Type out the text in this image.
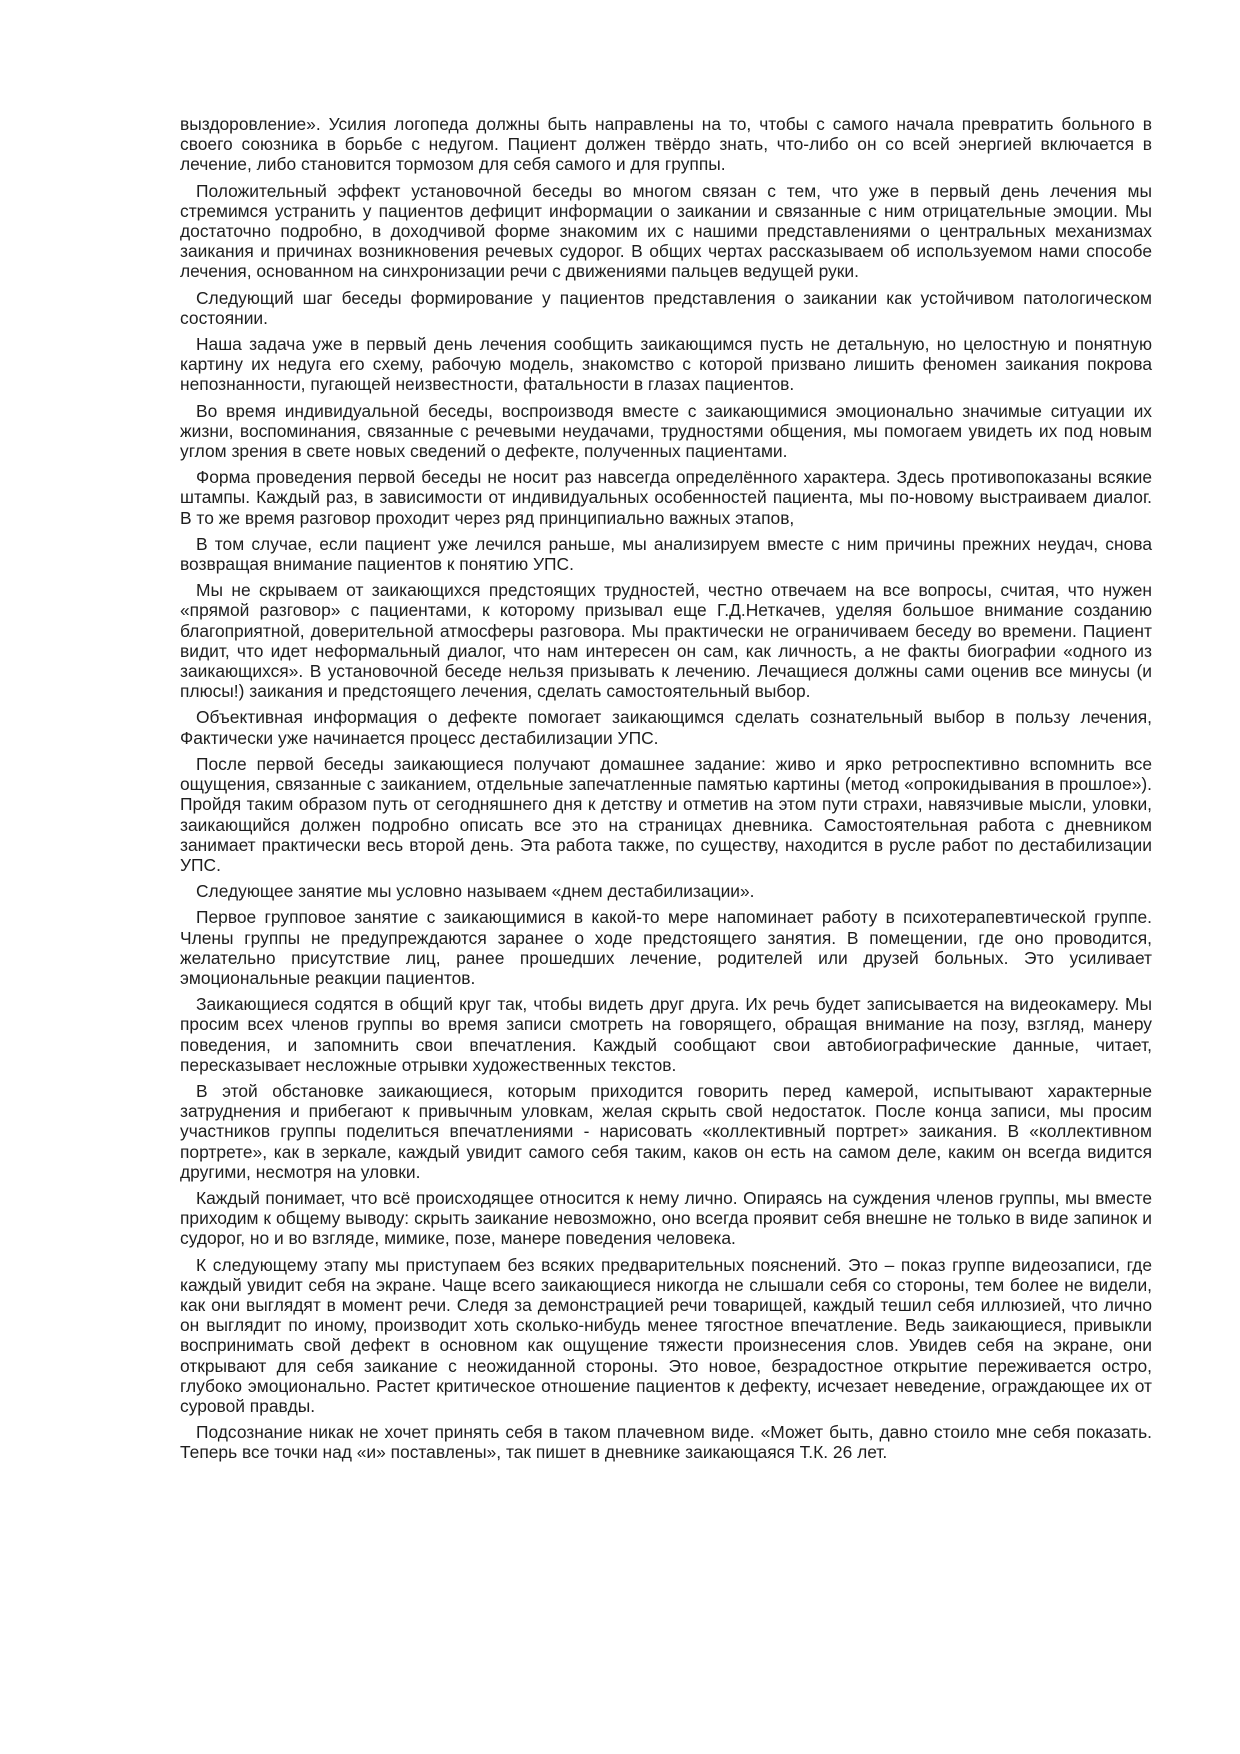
выздоровление». Усилия логопеда должны быть направлены на то, чтобы с самого начала превратить больного в своего союзника в борьбе с недугом. Пациент должен твёрдо знать, что-либо он со всей энергией включается в лечение, либо становится тормозом для себя самого и для группы.

Положительный эффект установочной беседы во многом связан с тем, что уже в первый день лечения мы стремимся устранить у пациентов дефицит информации о заикании и связанные с ним отрицательные эмоции. Мы достаточно подробно, в доходчивой форме знакомим их с нашими представлениями о центральных механизмах заикания и причинах возникновения речевых судорог. В общих чертах рассказываем об используемом нами способе лечения, основанном на синхронизации речи с движениями пальцев ведущей руки.

Следующий шаг беседы формирование у пациентов представления о заикании как устойчивом патологическом состоянии.

Наша задача уже в первый день лечения сообщить заикающимся пусть не детальную, но целостную и понятную картину их недуга его схему, рабочую модель, знакомство с которой призвано лишить феномен заикания покрова непознанности, пугающей неизвестности, фатальности в глазах пациентов.

Во время индивидуальной беседы, воспроизводя вместе с заикающимися эмоционально значимые ситуации их жизни, воспоминания, связанные с речевыми неудачами, трудностями общения, мы помогаем увидеть их под новым углом зрения в свете новых сведений о дефекте, полученных пациентами.

Форма проведения первой беседы не носит раз навсегда определённого характера. Здесь противопоказаны всякие штампы. Каждый раз, в зависимости от индивидуальных особенностей пациента, мы по-новому выстраиваем диалог. В то же время разговор проходит через ряд принципиально важных этапов,

В том случае, если пациент уже лечился раньше, мы анализируем вместе с ним причины прежних неудач, снова возвращая внимание пациентов к понятию УПС.

Мы не скрываем от заикающихся предстоящих трудностей, честно отвечаем на все вопросы, считая, что нужен «прямой разговор» с пациентами, к которому призывал еще Г.Д.Неткачев, уделяя большое внимание созданию благоприятной, доверительной атмосферы разговора. Мы практически не ограничиваем беседу во времени. Пациент видит, что идет неформальный диалог, что нам интересен он сам, как личность, а не факты биографии «одного из заикающихся». В установочной беседе нельзя призывать к лечению. Лечащиеся должны сами оценив все минусы (и плюсы!) заикания и предстоящего лечения, сделать самостоятельный выбор.

Объективная информация о дефекте помогает заикающимся сделать сознательный выбор в пользу лечения, Фактически уже начинается процесс дестабилизации УПС.

После первой беседы заикающиеся получают домашнее задание: живо и ярко ретроспективно вспомнить все ощущения, связанные с заиканием, отдельные запечатленные памятью картины (метод «опрокидывания в прошлое»). Пройдя таким образом путь от сегодняшнего дня к детству и отметив на этом пути страхи, навязчивые мысли, уловки, заикающийся должен подробно описать все это на страницах дневника. Самостоятельная работа с дневником занимает практически весь второй день. Эта работа также, по существу, находится в русле работ по дестабилизации УПС.

Следующее занятие мы условно называем «днем дестабилизации».

Первое групповое занятие с заикающимися в какой-то мере напоминает работу в психотерапевтической группе. Члены группы не предупреждаются заранее о ходе предстоящего занятия. В помещении, где оно проводится, желательно присутствие лиц, ранее прошедших лечение, родителей или друзей больных. Это усиливает эмоциональные реакции пациентов.

Заикающиеся содятся в общий круг так, чтобы видеть друг друга. Их речь будет записывается на видеокамеру. Мы просим всех членов группы во время записи смотреть на говорящего, обращая внимание на позу, взгляд, манеру поведения, и запомнить свои впечатления. Каждый сообщают свои автобиографические данные, читает, пересказывает несложные отрывки художественных текстов.

В этой обстановке заикающиеся, которым приходится говорить перед камерой, испытывают характерные затруднения и прибегают к привычным уловкам, желая скрыть свой недостаток. После конца записи, мы просим участников группы поделиться впечатлениями - нарисовать «коллективный портрет» заикания. В «коллективном портрете», как в зеркале, каждый увидит самого себя таким, каков он есть на самом деле, каким он всегда видится другими, несмотря на уловки.

Каждый понимает, что всё происходящее относится к нему лично. Опираясь на суждения членов группы, мы вместе приходим к общему выводу: скрыть заикание невозможно, оно всегда проявит себя внешне не только в виде запинок и судорог, но и во взгляде, мимике, позе, манере поведения человека.

К следующему этапу мы приступаем без всяких предварительных пояснений. Это – показ группе видеозаписи, где каждый увидит себя на экране. Чаще всего заикающиеся никогда не слышали себя со стороны, тем более не видели, как они выглядят в момент речи. Следя за демонстрацией речи товарищей, каждый тешил себя иллюзией, что лично он выглядит по иному, производит хоть сколько-нибудь менее тягостное впечатление. Ведь заикающиеся, привыкли воспринимать свой дефект в основном как ощущение тяжести произнесения слов. Увидев себя на экране, они открывают для себя заикание с неожиданной стороны. Это новое, безрадостное открытие переживается остро, глубоко эмоционально. Растет критическое отношение пациентов к дефекту, исчезает неведение, ограждающее их от суровой правды.

Подсознание никак не хочет принять себя в таком плачевном виде. «Может быть, давно стоило мне себя показать. Теперь все точки над «и» поставлены», так пишет в дневнике заикающаяся Т.К. 26 лет.
